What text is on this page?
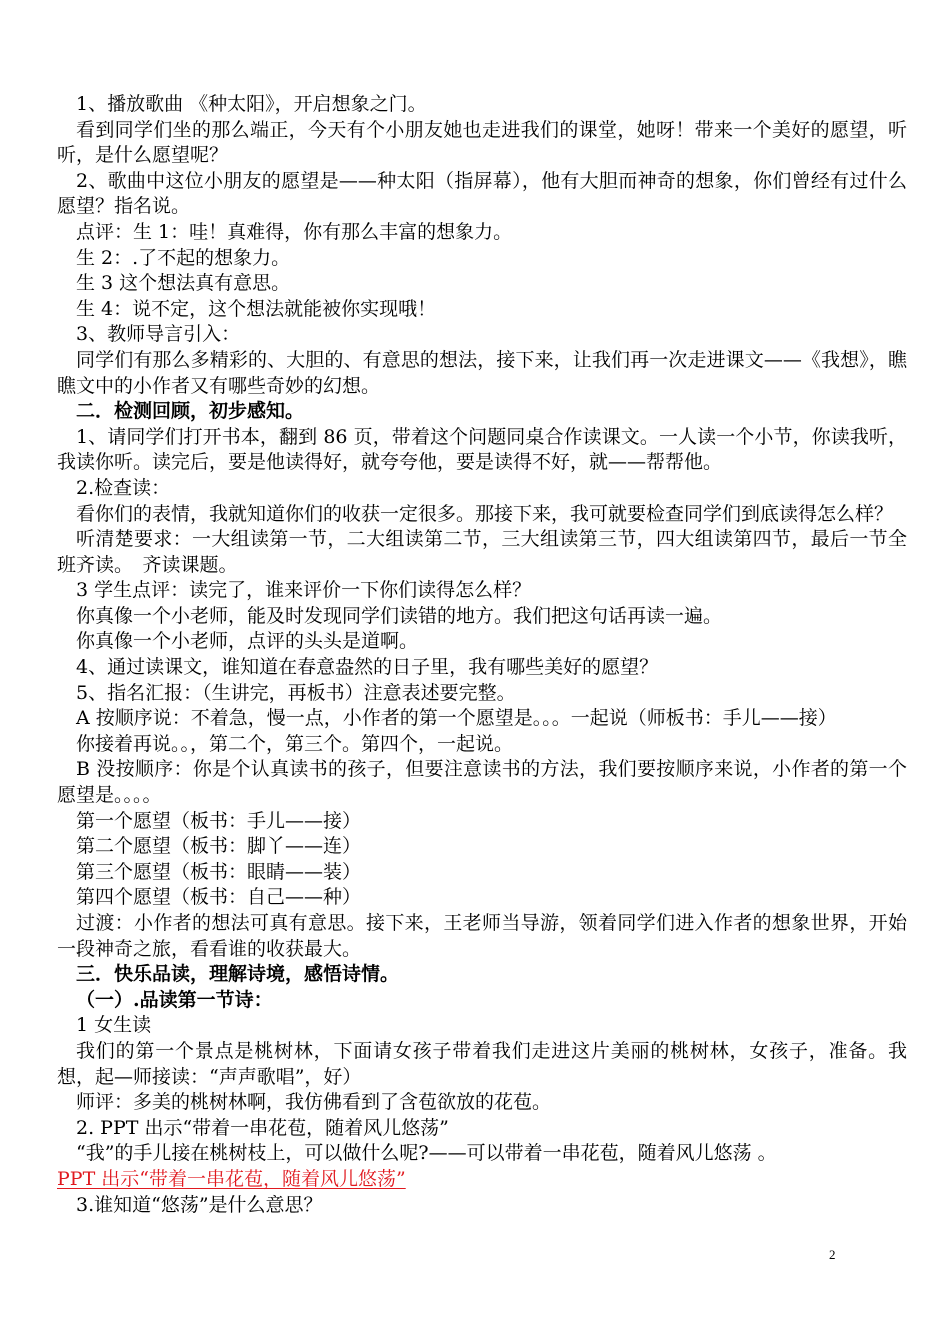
1、播放歌曲 《种太阳》，开启想象之门。

看到同学们坐的那么端正，今天有个小朋友她也走进我们的课堂，她呀！带来一个美好的愿望，听听，是什么愿望呢？

2、歌曲中这位小朋友的愿望是——种太阳（指屏幕），他有大胆而神奇的想象，你们曾经有过什么愿望？指名说。

点评：生 1：哇！真难得，你有那么丰富的想象力。

生 2：.了不起的想象力。

生 3 这个想法真有意思。

生 4：说不定，这个想法就能被你实现哦！

3、教师导言引入：

同学们有那么多精彩的、大胆的、有意思的想法，接下来，让我们再一次走进课文——《我想》，瞧瞧文中的小作者又有哪些奇妙的幻想。

二．检测回顾，初步感知。

1、请同学们打开书本，翻到 86 页，带着这个问题同桌合作读课文。一人读一个小节，你读我听，我读你听。读完后，要是他读得好，就夸夸他，要是读得不好，就——帮帮他。

2.检查读：

看你们的表情，我就知道你们的收获一定很多。那接下来，我可就要检查同学们到底读得怎么样？

听清楚要求：一大组读第一节，二大组读第二节，三大组读第三节，四大组读第四节，最后一节全班齐读。　齐读课题。

3 学生点评：读完了，谁来评价一下你们读得怎么样？

你真像一个小老师，能及时发现同学们读错的地方。我们把这句话再读一遍。

你真像一个小老师，点评的头头是道啊。

4、通过读课文，谁知道在春意盎然的日子里，我有哪些美好的愿望？

5、指名汇报：（生讲完，再板书）注意表述要完整。

A 按顺序说：不着急，慢一点，小作者的第一个愿望是。。。一起说（师板书：手儿——接）

你接着再说。。，第二个，第三个。第四个，一起说。

B 没按顺序：你是个认真读书的孩子，但要注意读书的方法，我们要按顺序来说，小作者的第一个愿望是。。。。

第一个愿望（板书：手儿——接）

第二个愿望（板书：脚丫——连）

第三个愿望（板书：眼睛——装）

第四个愿望（板书：自己——种）

过渡：小作者的想法可真有意思。接下来，王老师当导游，领着同学们进入作者的想象世界，开始一段神奇之旅，看看谁的收获最大。

三．快乐品读，理解诗境，感悟诗情。

（一）.品读第一节诗：

1 女生读

我们的第一个景点是桃树林，下面请女孩子带着我们走进这片美丽的桃树林，女孩子，准备。我想，起—师接读：“声声歌唱”，好）

师评：多美的桃树林啊，我仿佛看到了含苞欲放的花苞。

2. PPT 出示“带着一串花苞，随着风儿悠荡”

“我”的手儿接在桃树枝上，可以做什么呢?——可以带着一串花苞，随着风儿悠荡 。

PPT 出示“带着一串花苞，随着风儿悠荡”

3.谁知道“悠荡”是什么意思？

2
